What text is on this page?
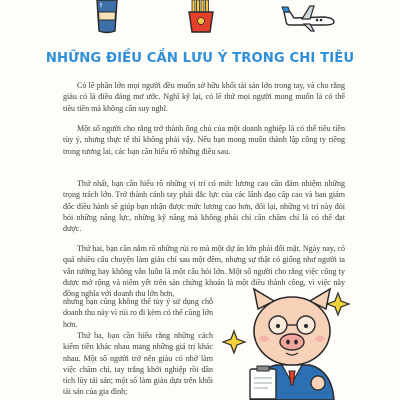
NHỮNG ĐIỀU CẦN LƯU Ý TRONG CHI TIÊU

Có lẽ phần lớn mọi người đều muốn sở hữu khối tài sản lớn trong tay, và cho rằng giàu có là điều đáng mơ ước. Nghĩ kỹ lại, có lẽ thứ mọi người mong muốn là có thể tiêu tiền mà không cần suy nghĩ.

Một số người cho rằng trở thành ông chủ của một doanh nghiệp là có thể tiêu tiền tùy ý, nhưng thực tế thì không phải vậy. Nếu bạn mong muốn thành lập công ty riêng trong tương lai, các bạn cần hiểu rõ những điều sau.

Thứ nhất, bạn cần hiểu rõ những vị trí có mức lương cao cần đảm nhiệm những trọng trách lớn. Trở thành cánh tay phải đắc lực của các lãnh đạo cấp cao và ban giám đốc điều hành sẽ giúp bạn nhận được mức lương cao hơn, đổi lại, những vị trí này đòi hỏi những năng lực, những kỹ năng mà không phải chỉ cần chăm chỉ là có thể đạt được.

Thứ hai, bạn cần nắm rõ những rủi ro mà một dự án lớn phải đối mặt. Ngày nay, có quá nhiều câu chuyện làm giàu chỉ sau một đêm, nhưng sự thật có giống như người ta vẫn tưởng hay không vẫn luôn là một câu hỏi lớn. Một số người cho rằng việc công ty được mở rộng và niêm yết trên sàn chứng khoán là một điều thành công, vì việc này đồng nghĩa với doanh thu lớn hơn,

nhưng bạn cũng không thể tùy ý sử dụng chỗ doanh thu này vì rủi ro đi kèm có thể cũng lớn hơn.

Thứ ba, bạn cần hiểu rằng những cách kiếm tiền khác nhau mang những giá trị khác nhau. Một số người trở nên giàu có nhờ làm việc chăm chỉ, tay trắng khởi nghiệp rồi dần tích lũy tài sản; một số làm giàu dựa trên khối tài sản của gia đình;
